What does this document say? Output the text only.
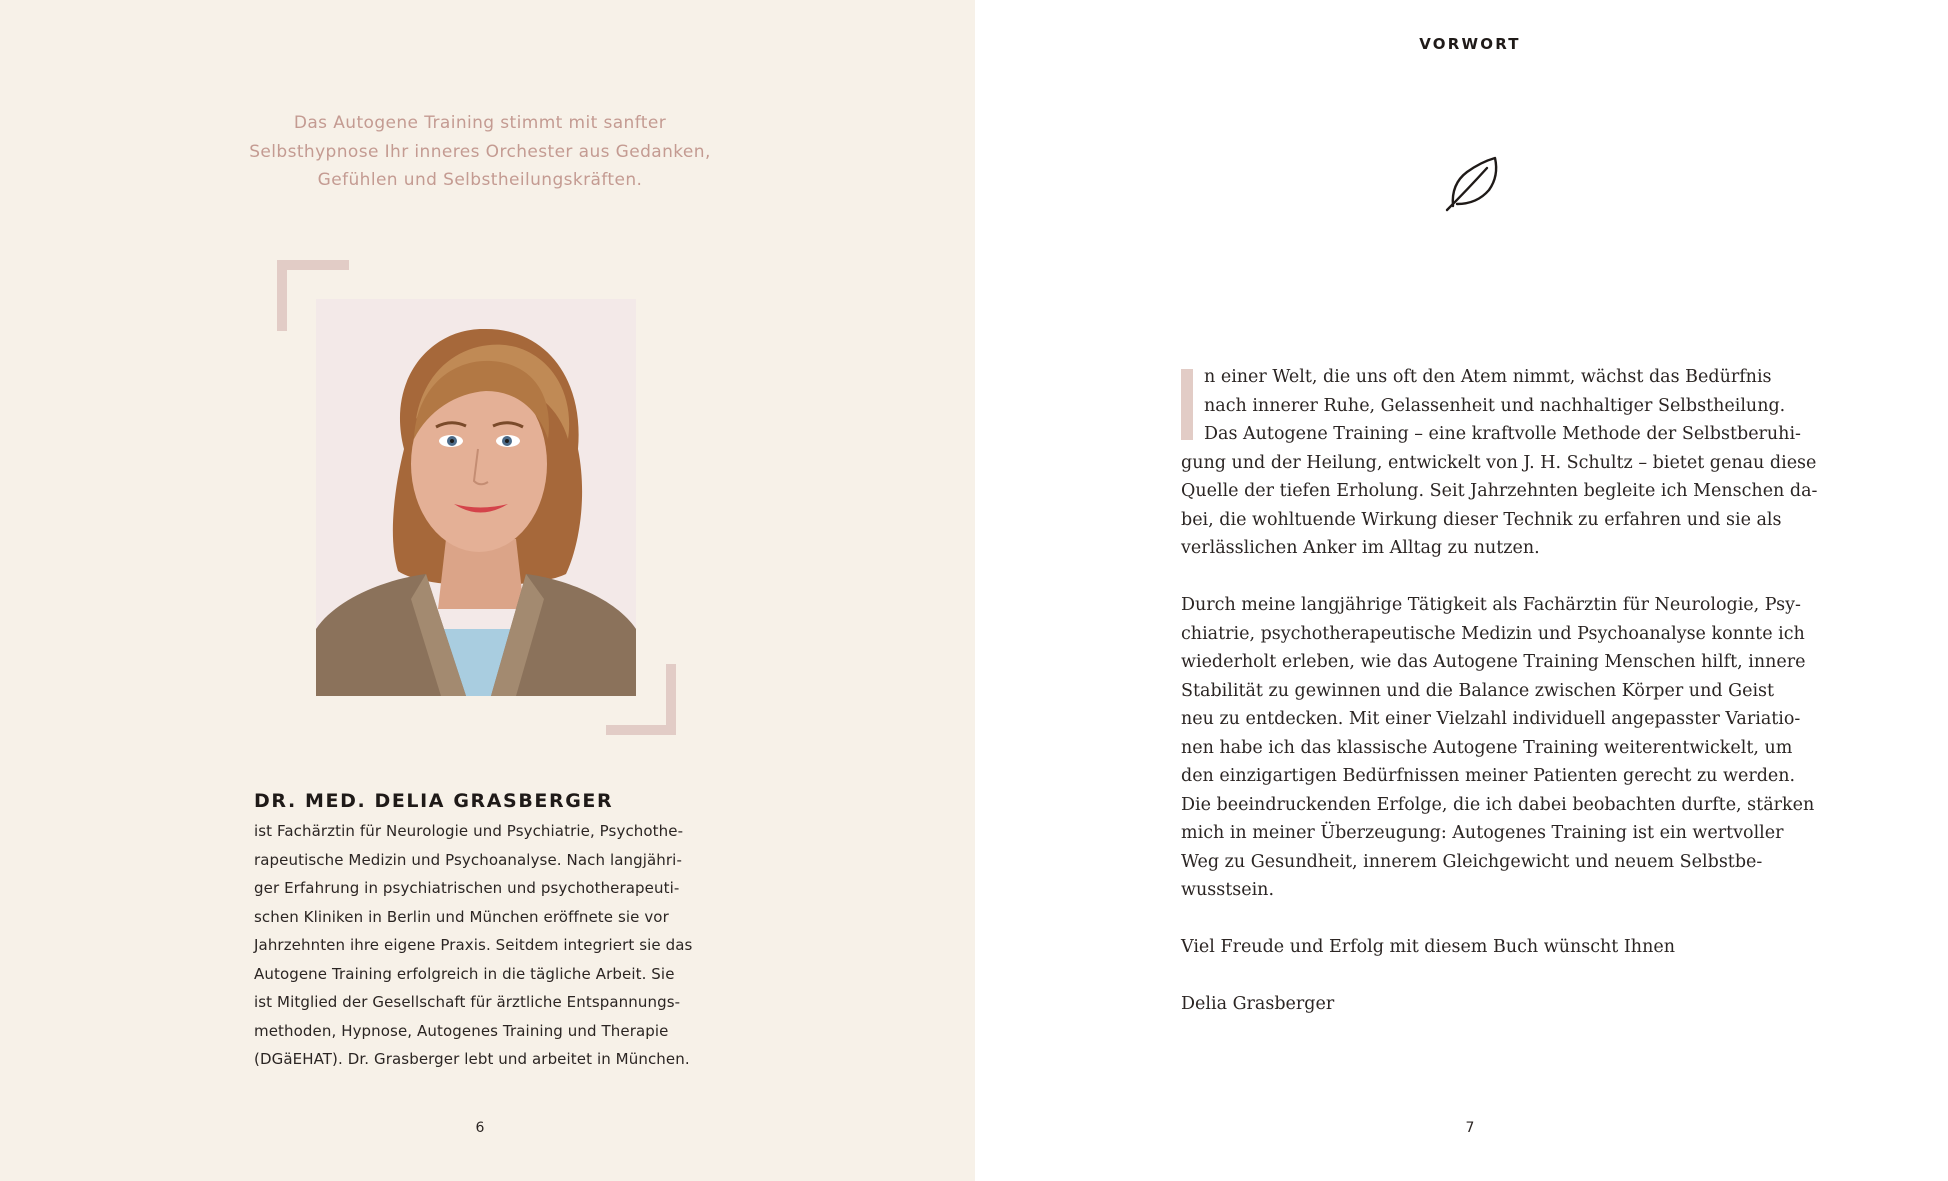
Das Autogene Training stimmt mit sanfter
Selbsthypnose Ihr inneres Orchester aus Gedanken,
Gefühlen und Selbstheilungskräften.
DR. MED. DELIA GRASBERGER
ist Fachärztin für Neurologie und Psychiatrie, Psychothe-
rapeutische Medizin und Psychoanalyse. Nach langjähri-
ger Erfahrung in psychiatrischen und psychotherapeuti-
schen Kliniken in Berlin und München eröffnete sie vor
Jahrzehnten ihre eigene Praxis. Seitdem integriert sie das
Autogene Training erfolgreich in die tägliche Arbeit. Sie
ist Mitglied der Gesellschaft für ärztliche Entspannungs-
methoden, Hypnose, Autogenes Training und Therapie
(DGäEHAT). Dr. Grasberger lebt und arbeitet in München.
6
VORWORT
n einer Welt, die uns oft den Atem nimmt, wächst das Bedürfnis
nach innerer Ruhe, Gelassenheit und nachhaltiger Selbstheilung.
Das Autogene Training – eine kraftvolle Methode der Selbstberuhi-
gung und der Heilung, entwickelt von J. H. Schultz – bietet genau diese
Quelle der tiefen Erholung. Seit Jahrzehnten begleite ich Menschen da-
bei, die wohltuende Wirkung dieser Technik zu erfahren und sie als
verlässlichen Anker im Alltag zu nutzen.
Durch meine langjährige Tätigkeit als Fachärztin für Neurologie, Psy-
chiatrie, psychotherapeutische Medizin und Psychoanalyse konnte ich
wiederholt erleben, wie das Autogene Training Menschen hilft, innere
Stabilität zu gewinnen und die Balance zwischen Körper und Geist
neu zu entdecken. Mit einer Vielzahl individuell angepasster Variatio-
nen habe ich das klassische Autogene Training weiterentwickelt, um
den einzigartigen Bedürfnissen meiner Patienten gerecht zu werden.
Die beeindruckenden Erfolge, die ich dabei beobachten durfte, stärken
mich in meiner Überzeugung: Autogenes Training ist ein wertvoller
Weg zu Gesundheit, innerem Gleichgewicht und neuem Selbstbe-
wusstsein.
Viel Freude und Erfolg mit diesem Buch wünscht Ihnen
Delia Grasberger
7
